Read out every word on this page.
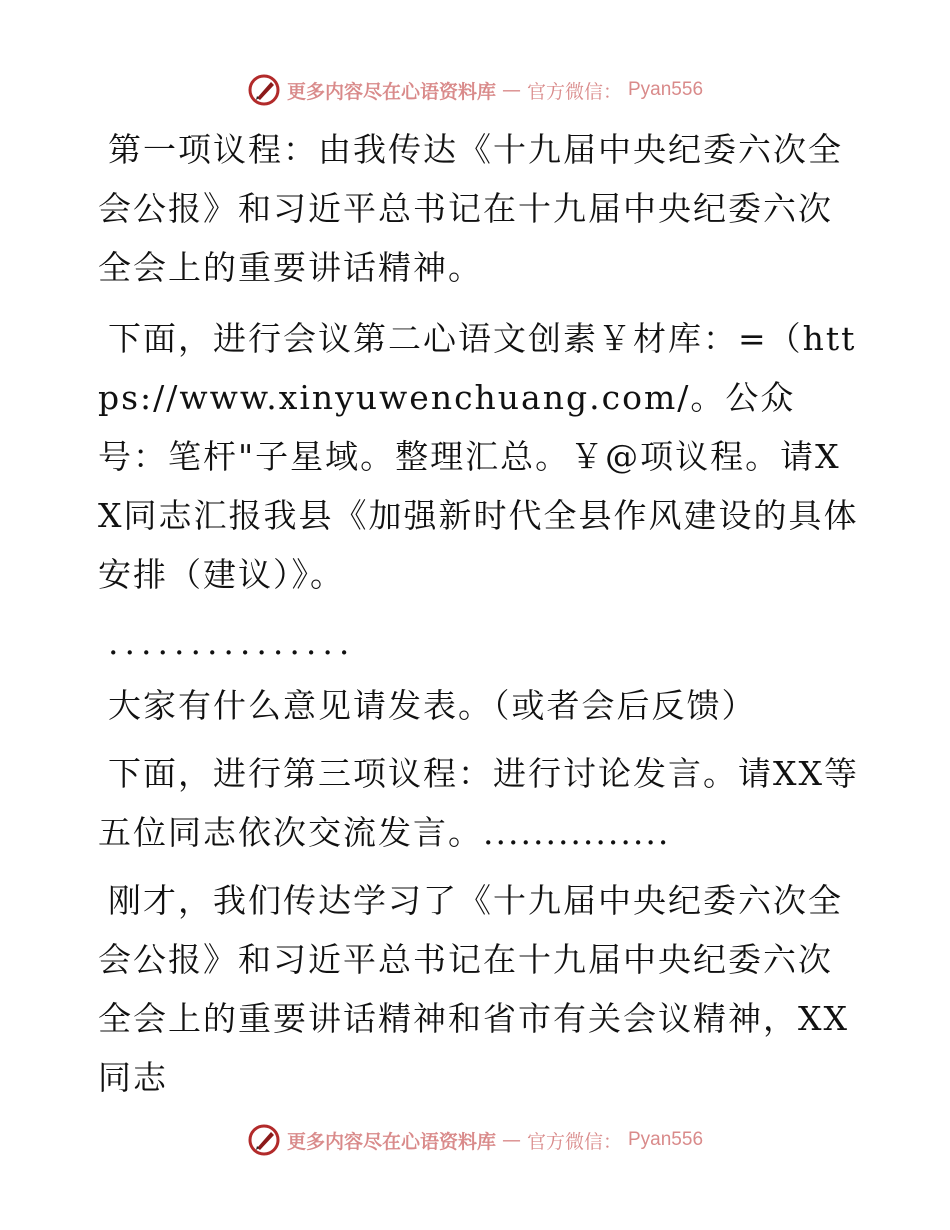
更多内容尽在心语资料库 — 官方微信： Pyan556

第一项议程：由我传达《十九届中央纪委六次全会公报》和习近平总书记在十九届中央纪委六次全会上的重要讲话精神。

下面，进行会议第二心语文创素￥材库：=（https://www.xinyuwenchuang.com/。公众号：笔杆"子星域。整理汇总。￥@项议程。请XX同志汇报我县《加强新时代全县作风建设的具体安排（建议）》。

...............

大家有什么意见请发表。（或者会后反馈）

下面，进行第三项议程：进行讨论发言。请XX等五位同志依次交流发言。...............

刚才，我们传达学习了《十九届中央纪委六次全会公报》和习近平总书记在十九届中央纪委六次全会上的重要讲话精神和省市有关会议精神，XX同志

更多内容尽在心语资料库 — 官方微信： Pyan556
